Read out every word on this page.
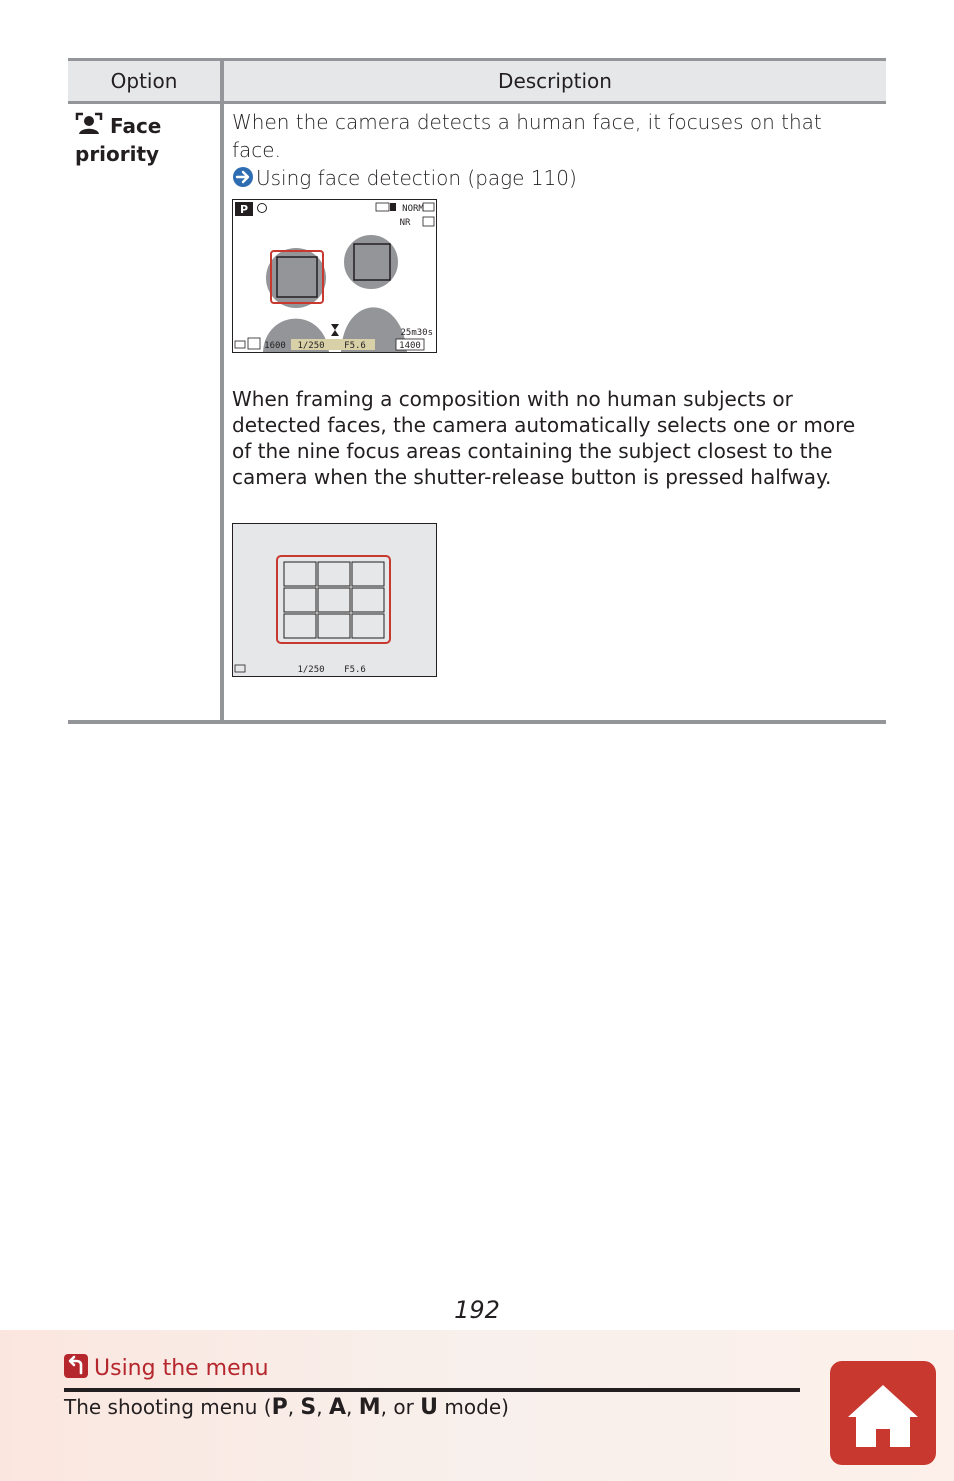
Option	Description
Face priority
When the camera detects a human face, it focuses on that face.
Using face detection (page 110)
P	NORM
NR
25m30s
1600 1/250 F5.6	1400
When framing a composition with no human subjects or detected faces, the camera automatically selects one or more of the nine focus areas containing the subject closest to the camera when the shutter-release button is pressed halfway.
1/250 F5.6
192
Using the menu
The shooting menu (P, S, A, M, or U mode)
